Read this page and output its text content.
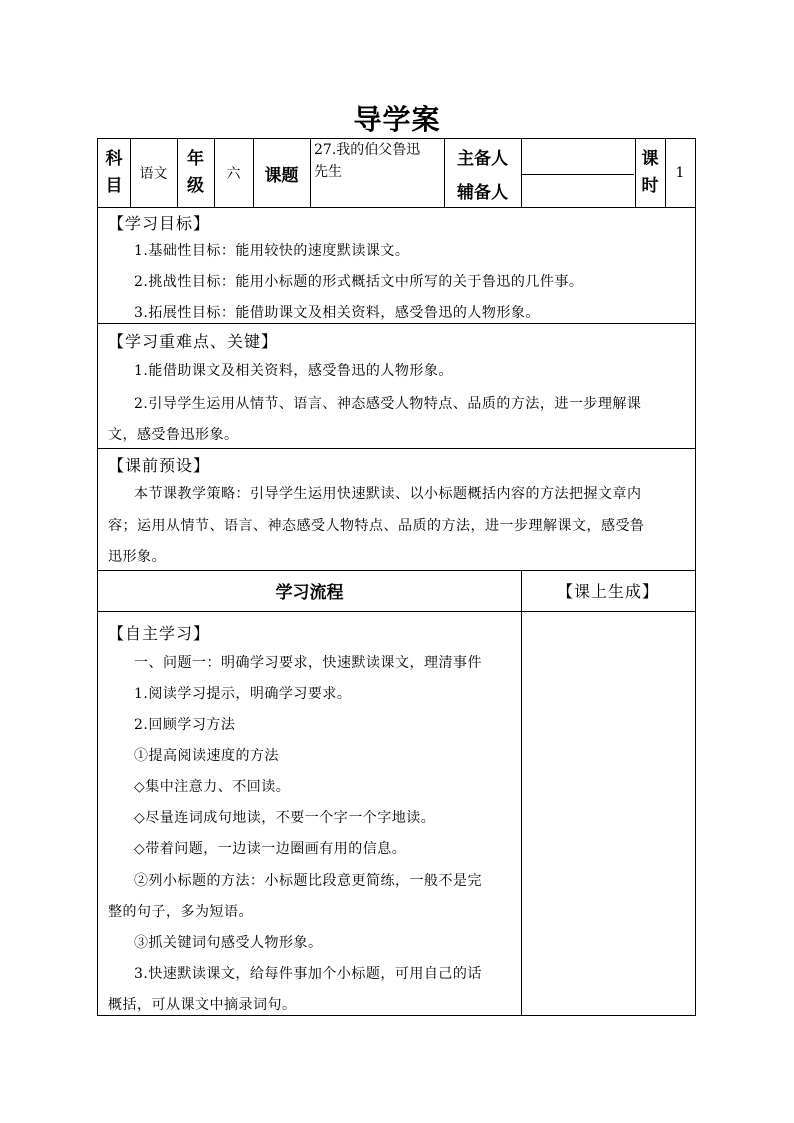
导学案
科
目
语文
年
级
六	课题
27.我的伯父鲁迅
先生
主备人
辅备人
课
时
1
【学习目标】
1.基础性目标：能用较快的速度默读课文。
2.挑战性目标：能用小标题的形式概括文中所写的关于鲁迅的几件事。
3.拓展性目标：能借助课文及相关资料，感受鲁迅的人物形象。
【学习重难点、关键】
1.能借助课文及相关资料，感受鲁迅的人物形象。
2.引导学生运用从情节、语言、神态感受人物特点、品质的方法，进一步理解课
文，感受鲁迅形象。
【课前预设】
本节课教学策略：引导学生运用快速默读、以小标题概括内容的方法把握文章内
容；运用从情节、语言、神态感受人物特点、品质的方法，进一步理解课文，感受鲁
迅形象。
学习流程	【课上生成】
【自主学习】
一、问题一：明确学习要求，快速默读课文，理清事件
1.阅读学习提示，明确学习要求。
2.回顾学习方法
①提高阅读速度的方法
◇集中注意力、不回读。
◇尽量连词成句地读，不要一个字一个字地读。
◇带着问题，一边读一边圈画有用的信息。
②列小标题的方法：小标题比段意更简练，一般不是完
整的句子，多为短语。
③抓关键词句感受人物形象。
3.快速默读课文，给每件事加个小标题，可用自己的话
概括，可从课文中摘录词句。
